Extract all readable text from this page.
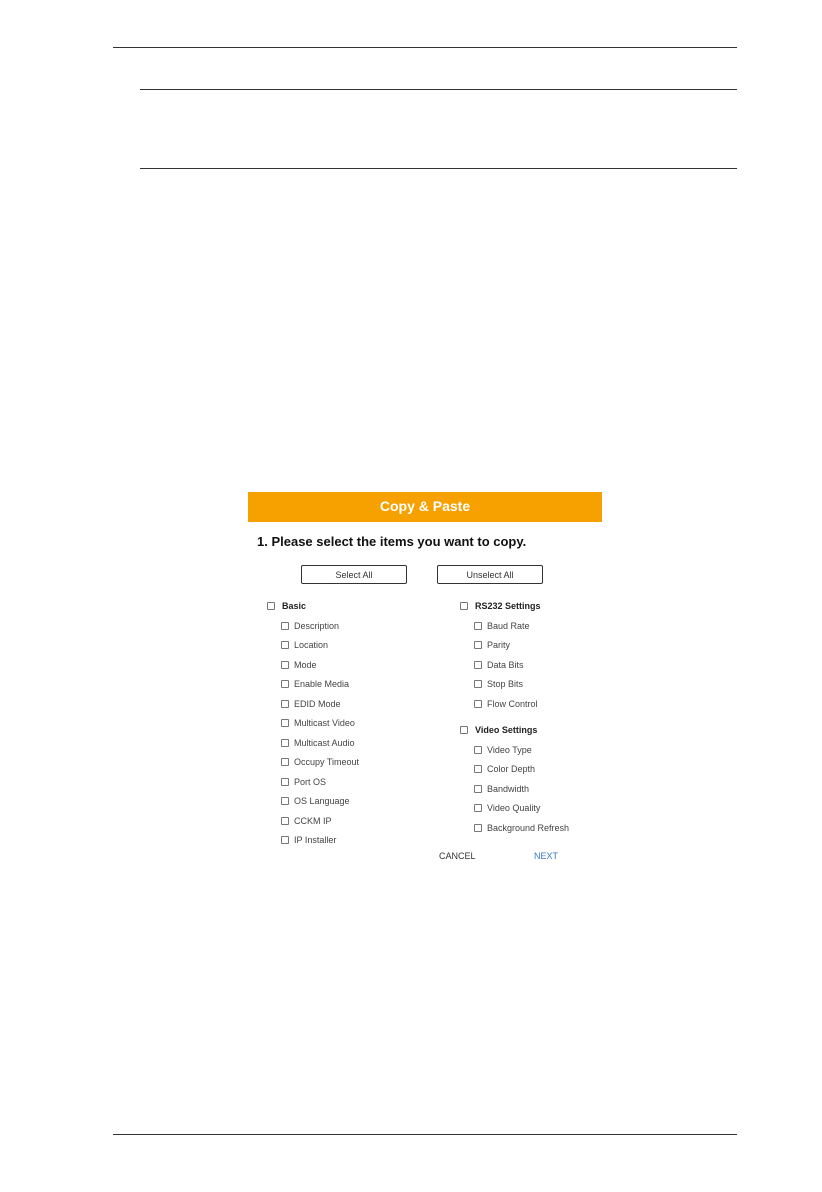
Copy & Paste
1. Please select the items you want to copy.
Select All	Unselect All
Basic
Description
Location
Mode
Enable Media
EDID Mode
Multicast Video
Multicast Audio
Occupy Timeout
Port OS
OS Language
CCKM IP
IP Installer
RS232 Settings
Baud Rate
Parity
Data Bits
Stop Bits
Flow Control
Video Settings
Video Type
Color Depth
Bandwidth
Video Quality
Background Refresh
CANCEL	NEXT
